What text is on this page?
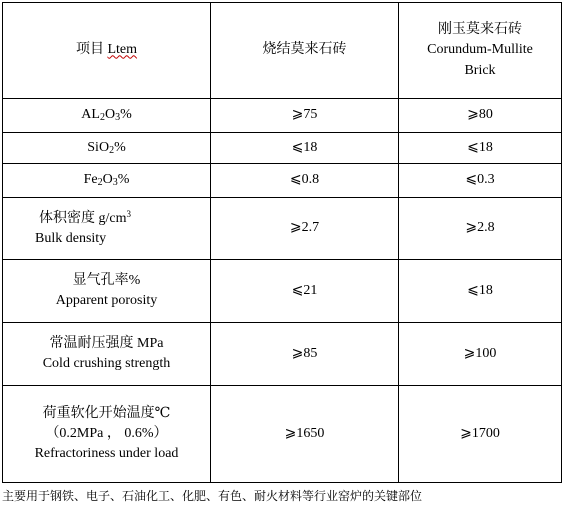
项目 Ltem	烧结莫来石砖	刚玉莫来石砖
Corundum-Mullite
Brick

$AL_2O_3\%$	⩾75	⩾80
SiO$_2$%	⩽18	⩽18
$Fe_2O_3\%$	⩽0.8	⩽0.3

体积密度 $g/cm^3$
Bulk density	⩾2.7	⩾2.8

显气孔率%
Apparent porosity	⩽21	⩽18

常温耐压强度 MPa
Cold crushing strength	⩾85	⩾100

荷重软化开始温度℃
（0.2MPa ， 0.6%）
Refractoriness under load	⩾1650	⩾1700
主要用于钢铁、电子、石油化工、化肥、有色、耐火材料等行业窑炉的关键部位
